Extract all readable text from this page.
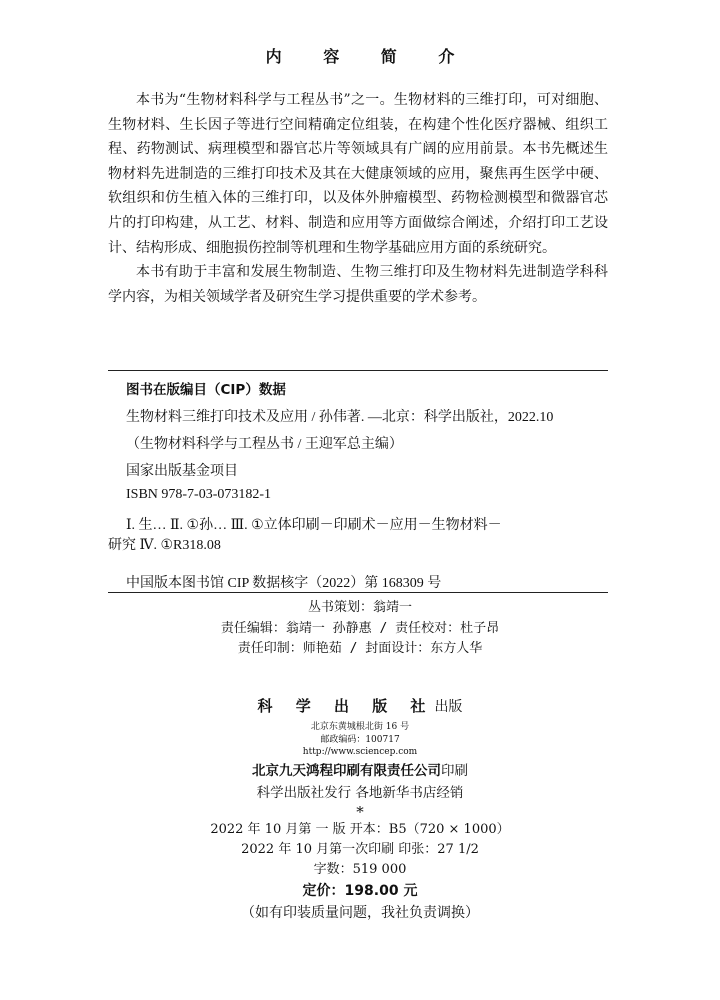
内 容 简 介

本书为“生物材料科学与工程丛书”之一。生物材料的三维打印，可对细胞、生物材料、生长因子等进行空间精确定位组装，在构建个性化医疗器械、组织工程、药物测试、病理模型和器官芯片等领域具有广阔的应用前景。本书先概述生物材料先进制造的三维打印技术及其在大健康领域的应用，聚焦再生医学中硬、软组织和仿生植入体的三维打印，以及体外肿瘤模型、药物检测模型和微器官芯片的打印构建，从工艺、材料、制造和应用等方面做综合阐述，介绍打印工艺设计、结构形成、细胞损伤控制等机理和生物学基础应用方面的系统研究。

本书有助于丰富和发展生物制造、生物三维打印及生物材料先进制造学科科学内容，为相关领域学者及研究生学习提供重要的学术参考。

图书在版编目（CIP）数据
生物材料三维打印技术及应用 / 孙伟著. —北京：科学出版社，2022.10
（生物材料科学与工程丛书 / 王迎军总主编）
国家出版基金项目
ISBN 978-7-03-073182-1
Ⅰ. 生… Ⅱ. ①孙… Ⅲ. ①立体印刷－印刷术－应用－生物材料－
研究 Ⅳ. ①R318.08
中国版本图书馆 CIP 数据核字（2022）第 168309 号
丛书策划：翁靖一
责任编辑：翁靖一 孙静惠 / 责任校对：杜子昂
责任印制：师艳茹 / 封面设计：东方人华
科 学 出 版 社出版
北京东黄城根北街 16 号
邮政编码：100717
http://www.sciencep.com
北京九天鸿程印刷有限责任公司印刷
科学出版社发行 各地新华书店经销
*
2022 年 10 月第 一 版 开本：B5（720 × 1000）
2022 年 10 月第一次印刷 印张：27 1/2
字数：519 000
定价：198.00 元
（如有印装质量问题，我社负责调换）
